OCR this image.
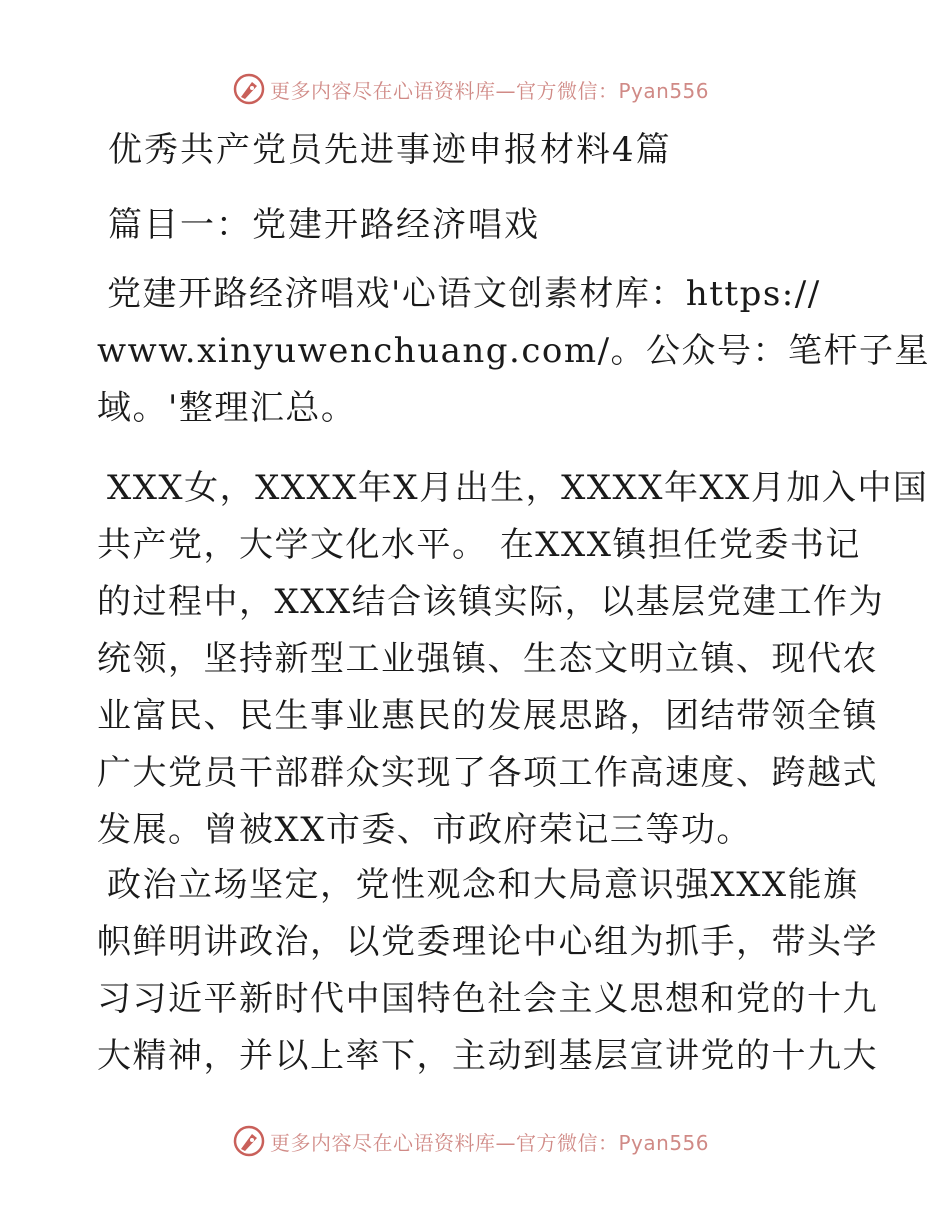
更多内容尽在心语资料库—官方微信：Pyan556
优秀共产党员先进事迹申报材料4篇
篇目一：党建开路经济唱戏

党建开路经济唱戏'心语文创素材库：https://
www.xinyuwenchuang.com/。公众号：笔杆子星
域。'整理汇总。

XXX女，XXXX年X月出生，XXXX年XX月加入中国
共产党，大学文化水平。 在XXX镇担任党委书记
的过程中，XXX结合该镇实际，以基层党建工作为
统领，坚持新型工业强镇、生态文明立镇、现代农
业富民、民生事业惠民的发展思路，团结带领全镇
广大党员干部群众实现了各项工作高速度、跨越式
发展。曾被XX市委、市政府荣记三等功。

政治立场坚定，党性观念和大局意识强XXX能旗
帜鲜明讲政治，以党委理论中心组为抓手，带头学
习习近平新时代中国特色社会主义思想和党的十九
大精神，并以上率下，主动到基层宣讲党的十九大

更多内容尽在心语资料库—官方微信：Pyan556
